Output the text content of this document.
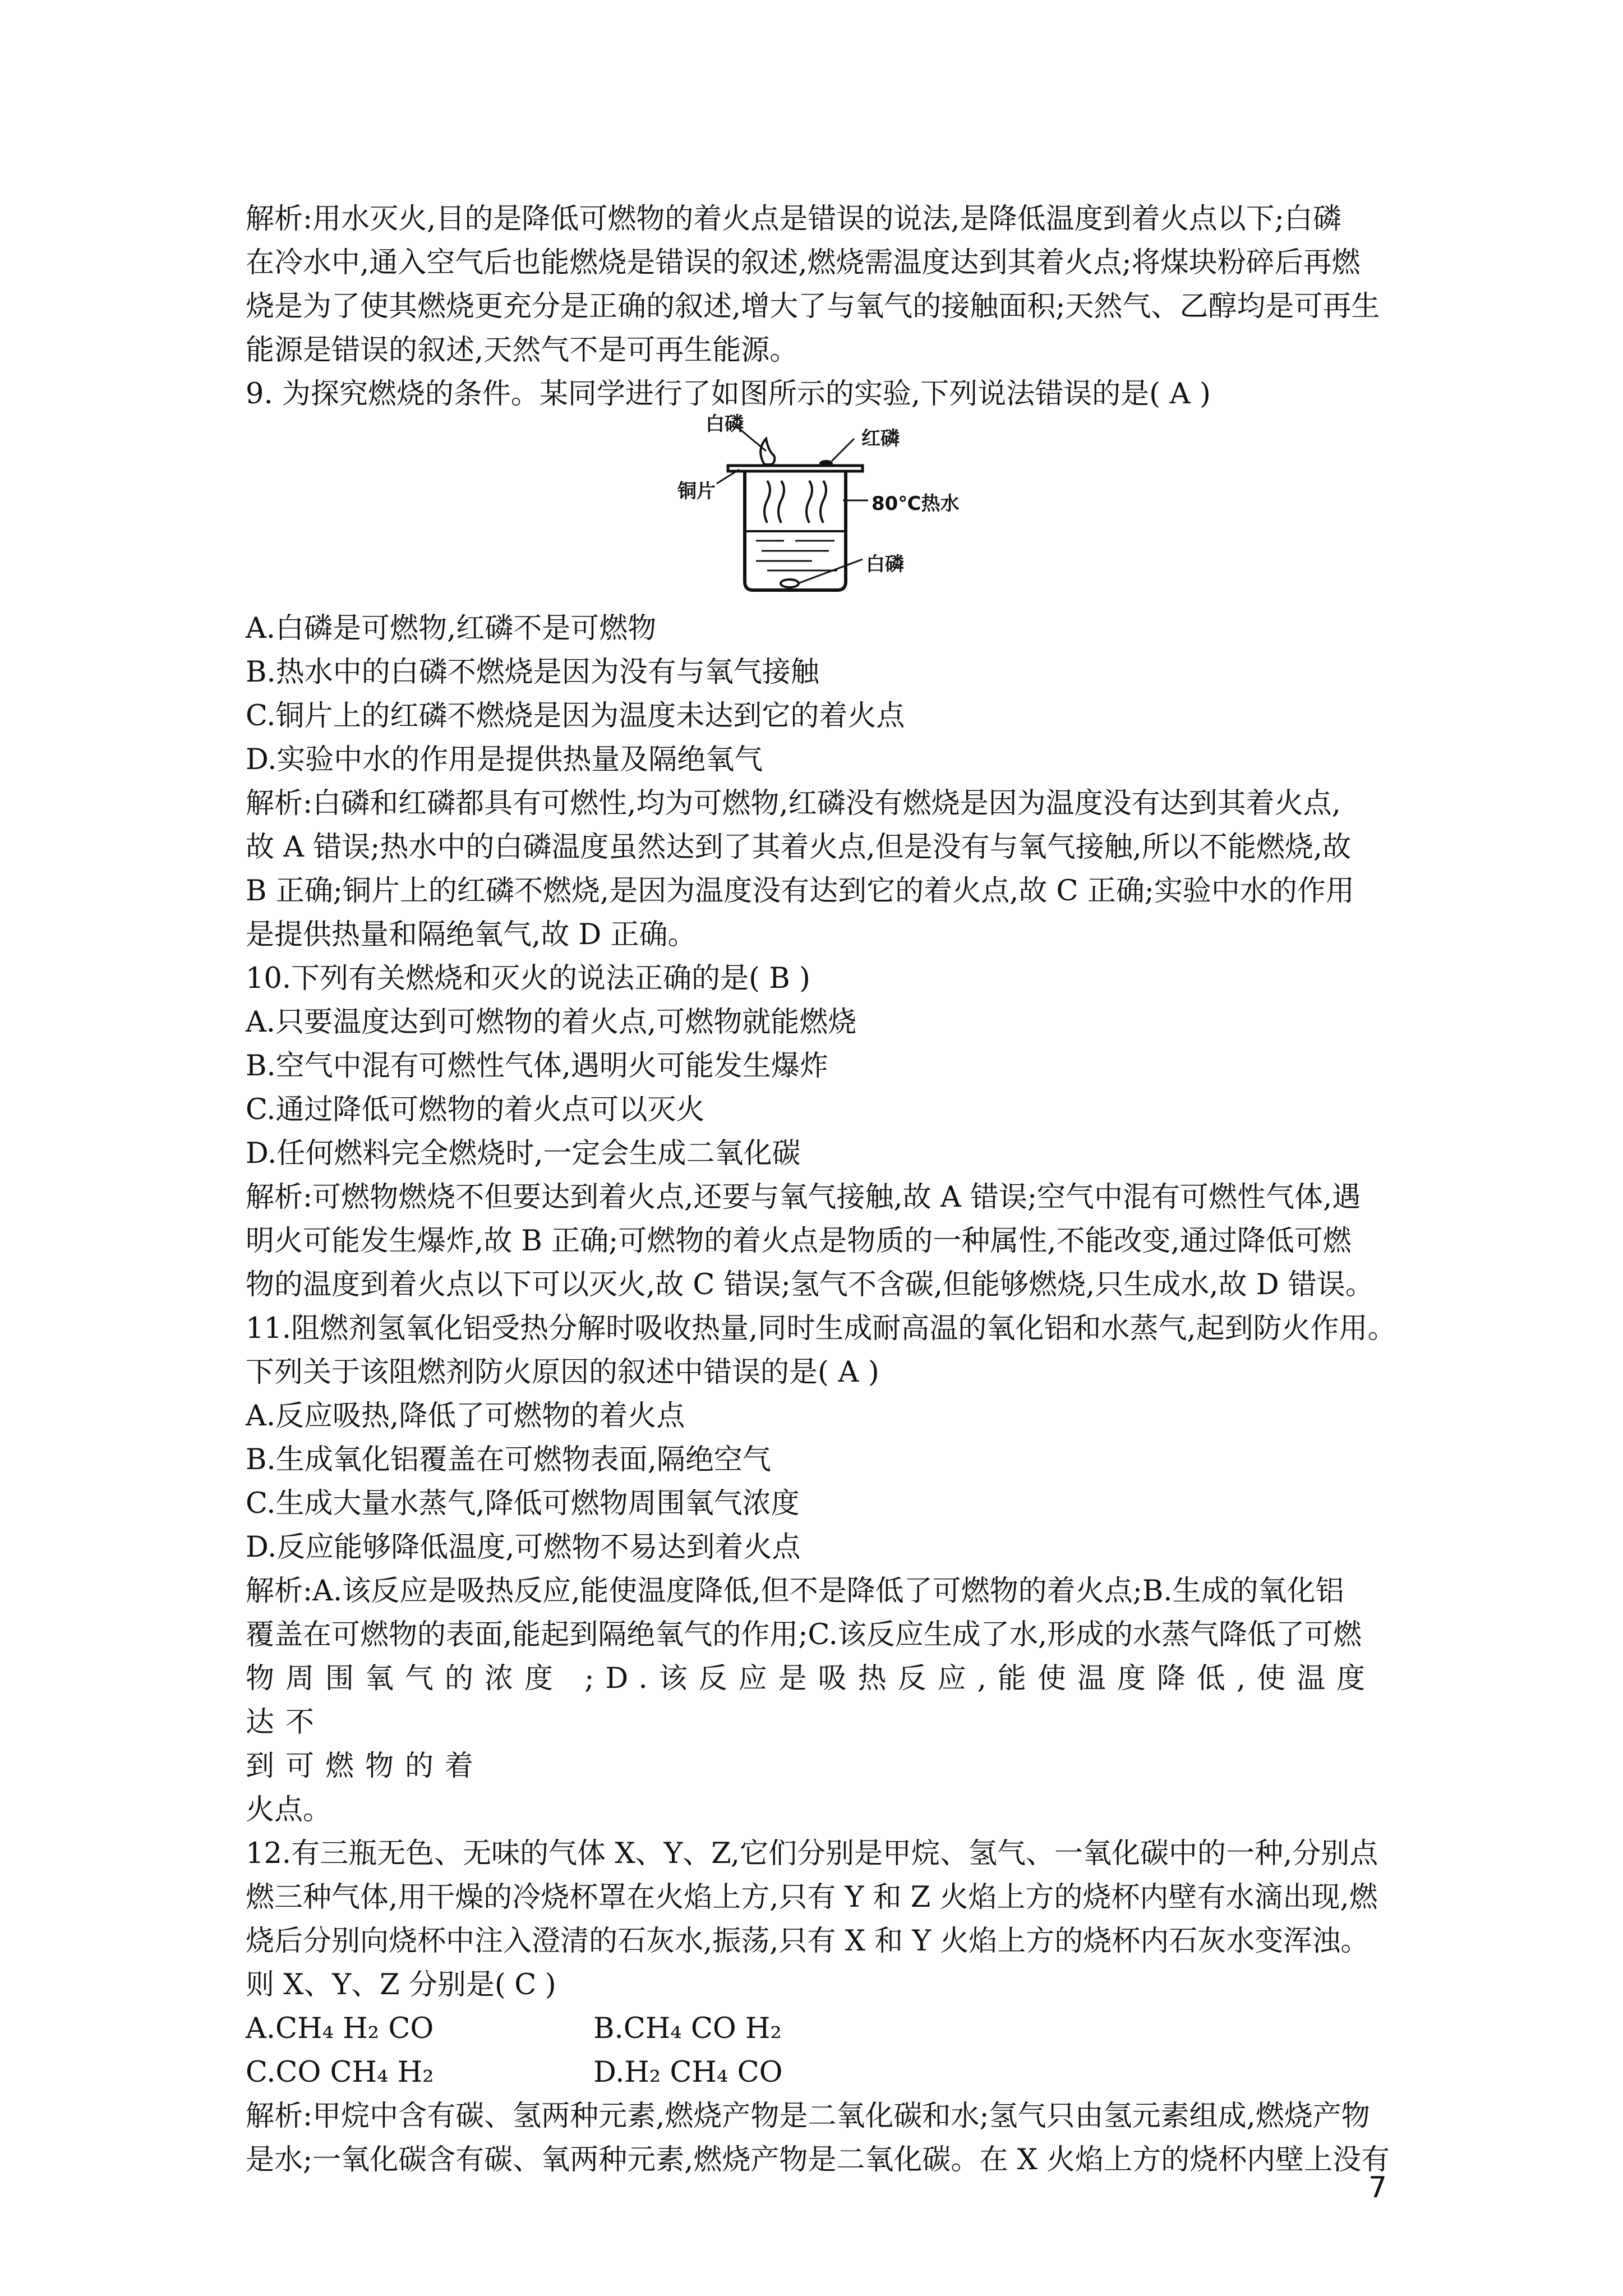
解析:用水灭火,目的是降低可燃物的着火点是错误的说法,是降低温度到着火点以下;白磷

在冷水中,通入空气后也能燃烧是错误的叙述,燃烧需温度达到其着火点;将煤块粉碎后再燃

烧是为了使其燃烧更充分是正确的叙述,增大了与氧气的接触面积;天然气、乙醇均是可再生

能源是错误的叙述,天然气不是可再生能源。

9. 为探究燃烧的条件。某同学进行了如图所示的实验,下列说法错误的是( A )

白磷
红磷
铜片
80℃热水
白磷

A.白磷是可燃物,红磷不是可燃物

B.热水中的白磷不燃烧是因为没有与氧气接触

C.铜片上的红磷不燃烧是因为温度未达到它的着火点

D.实验中水的作用是提供热量及隔绝氧气

解析:白磷和红磷都具有可燃性,均为可燃物,红磷没有燃烧是因为温度没有达到其着火点,

故 A 错误;热水中的白磷温度虽然达到了其着火点,但是没有与氧气接触,所以不能燃烧,故

B 正确;铜片上的红磷不燃烧,是因为温度没有达到它的着火点,故 C 正确;实验中水的作用

是提供热量和隔绝氧气,故 D 正确。

10.下列有关燃烧和灭火的说法正确的是( B )

A.只要温度达到可燃物的着火点,可燃物就能燃烧

B.空气中混有可燃性气体,遇明火可能发生爆炸

C.通过降低可燃物的着火点可以灭火

D.任何燃料完全燃烧时,一定会生成二氧化碳

解析:可燃物燃烧不但要达到着火点,还要与氧气接触,故 A 错误;空气中混有可燃性气体,遇

明火可能发生爆炸,故 B 正确;可燃物的着火点是物质的一种属性,不能改变,通过降低可燃

物的温度到着火点以下可以灭火,故 C 错误;氢气不含碳,但能够燃烧,只生成水,故 D 错误。

11.阻燃剂氢氧化铝受热分解时吸收热量,同时生成耐高温的氧化铝和水蒸气,起到防火作用。

下列关于该阻燃剂防火原因的叙述中错误的是( A )

A.反应吸热,降低了可燃物的着火点

B.生成氧化铝覆盖在可燃物表面,隔绝空气

C.生成大量水蒸气,降低可燃物周围氧气浓度

D.反应能够降低温度,可燃物不易达到着火点

解析:A.该反应是吸热反应,能使温度降低,但不是降低了可燃物的着火点;B.生成的氧化铝

覆盖在可燃物的表面,能起到隔绝氧气的作用;C.该反应生成了水,形成的水蒸气降低了可燃

物周围氧气的浓度 ;D.该反应是吸热反应,能使温度降低,使温度达不

到可燃物的着

火点。

12.有三瓶无色、无味的气体 X、Y、Z,它们分别是甲烷、氢气、一氧化碳中的一种,分别点

燃三种气体,用干燥的冷烧杯罩在火焰上方,只有 Y 和 Z 火焰上方的烧杯内壁有水滴出现,燃

烧后分别向烧杯中注入澄清的石灰水,振荡,只有 X 和 Y 火焰上方的烧杯内石灰水变浑浊。

则 X、Y、Z 分别是( C )

A.CH₄ H₂ CO	B.CH₄ CO H₂
C.CO CH₄ H₂	D.H₂ CH₄ CO

解析:甲烷中含有碳、氢两种元素,燃烧产物是二氧化碳和水;氢气只由氢元素组成,燃烧产物

是水;一氧化碳含有碳、氧两种元素,燃烧产物是二氧化碳。在 X 火焰上方的烧杯内壁上没有

7
